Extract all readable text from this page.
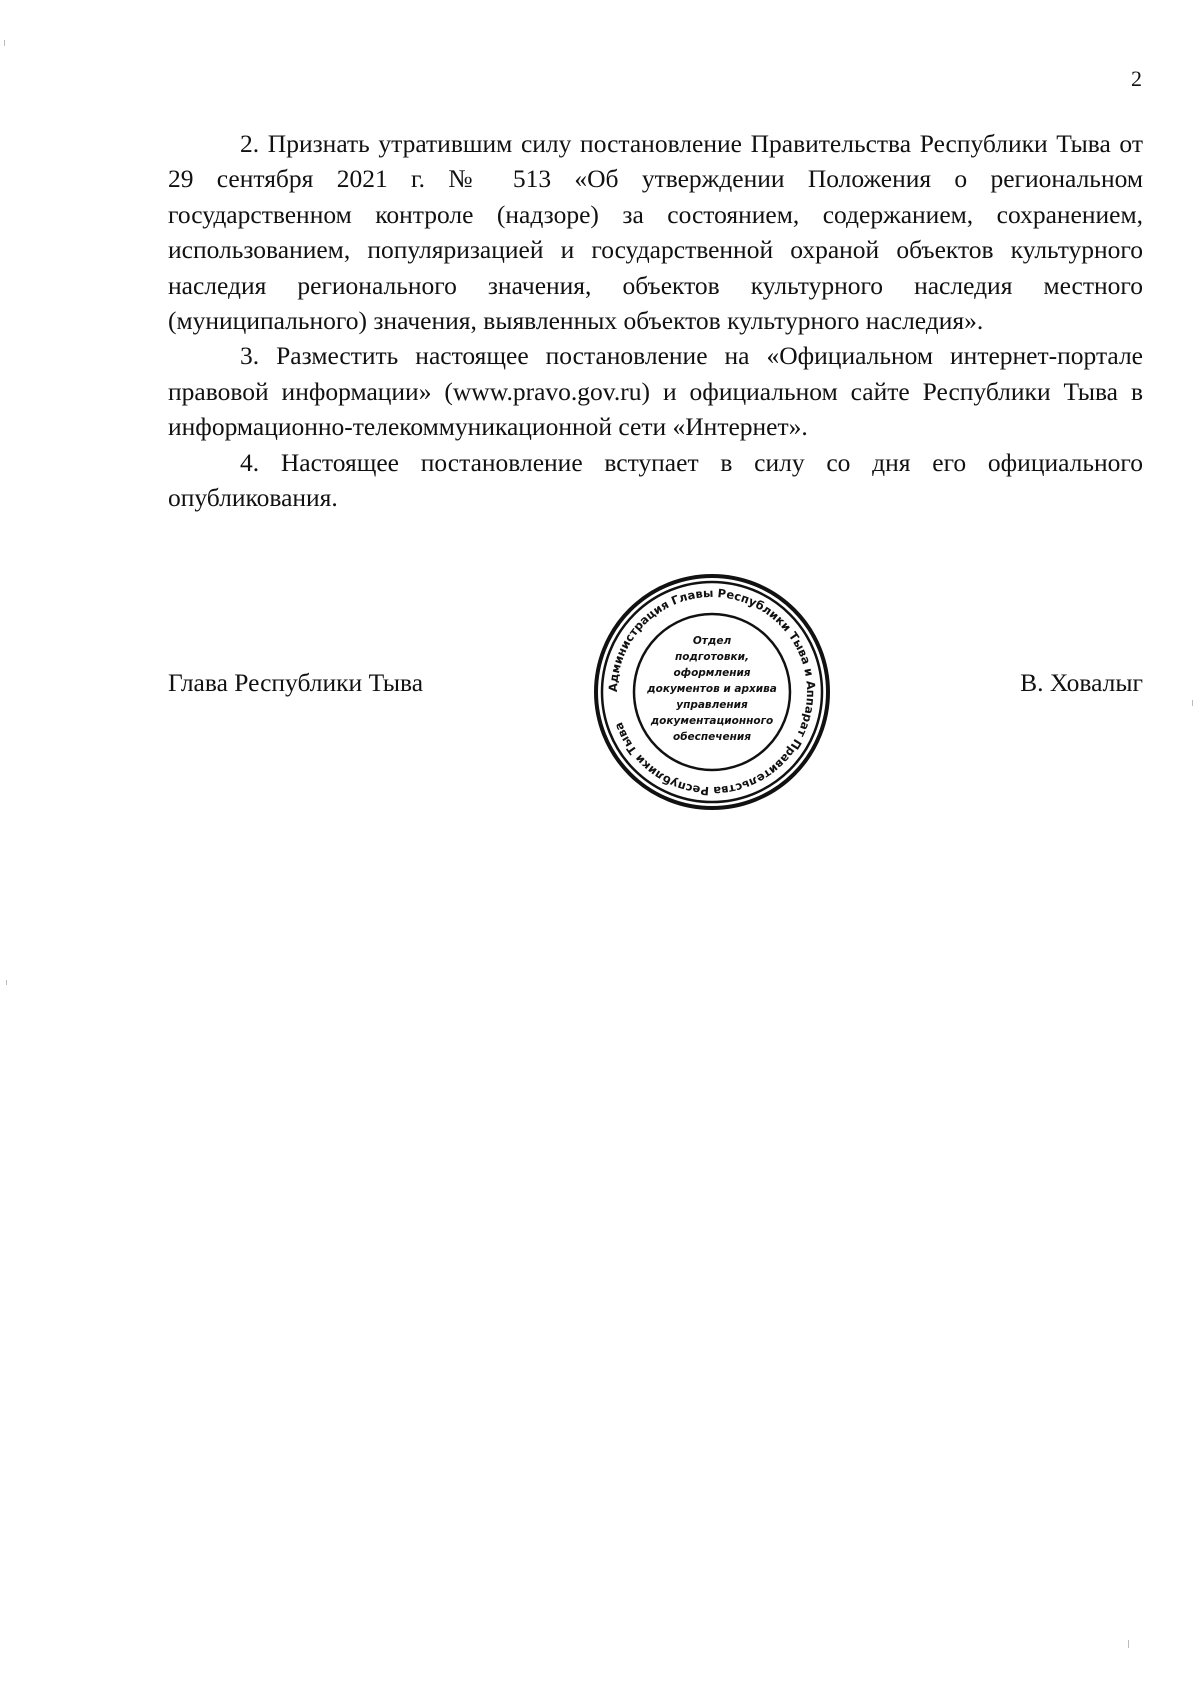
2

2. Признать утратившим силу постановление Правительства Республики Тыва от 29 сентября 2021 г. № 513 «Об утверждении Положения о региональном государственном контроле (надзоре) за состоянием, содержанием, сохранением, использованием, популяризацией и государственной охраной объектов культурного наследия регионального значения, объектов культурного наследия местного (муниципального) значения, выявленных объектов культурного наследия».

3. Разместить настоящее постановление на «Официальном интернет-портале правовой информации» (www.pravo.gov.ru) и официальном сайте Республики Тыва в информационно-телекоммуникационной сети «Интернет».

4. Настоящее постановление вступает в силу со дня его официального опубликования.

Глава Республики Тыва	В. Ховалыг
Администрация Главы Республики Тыва и Аппарат Правительства Республики Тыва
Отдел
подготовки,
оформления
документов и архива
управления
документационного
обеспечения
